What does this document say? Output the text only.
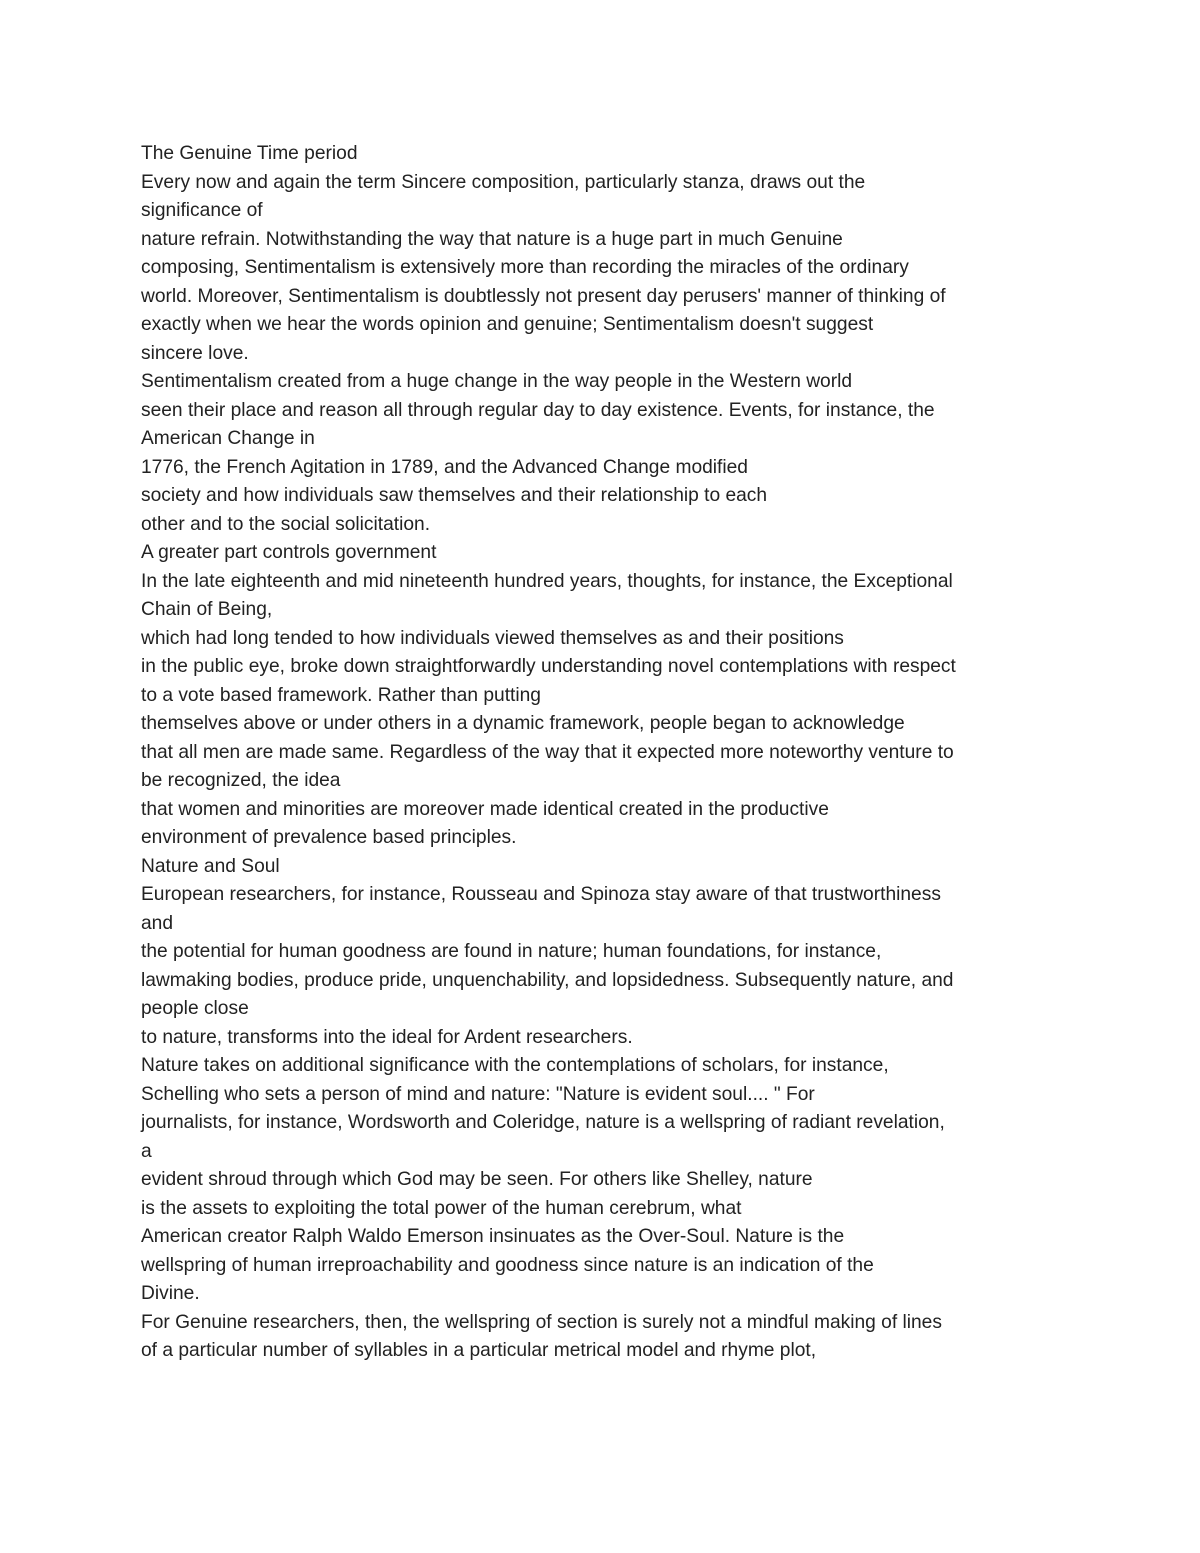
The Genuine Time period
Every now and again the term Sincere composition, particularly stanza, draws out the
significance of
nature refrain. Notwithstanding the way that nature is a huge part in much Genuine
composing, Sentimentalism is extensively more than recording the miracles of the ordinary
world. Moreover, Sentimentalism is doubtlessly not present day perusers' manner of thinking of
exactly when we hear the words opinion and genuine; Sentimentalism doesn't suggest
sincere love.
Sentimentalism created from a huge change in the way people in the Western world
seen their place and reason all through regular day to day existence. Events, for instance, the
American Change in
1776, the French Agitation in 1789, and the Advanced Change modified
society and how individuals saw themselves and their relationship to each
other and to the social solicitation.
A greater part controls government
In the late eighteenth and mid nineteenth hundred years, thoughts, for instance, the Exceptional
Chain of Being,
which had long tended to how individuals viewed themselves as and their positions
in the public eye, broke down straightforwardly understanding novel contemplations with respect
to a vote based framework. Rather than putting
themselves above or under others in a dynamic framework, people began to acknowledge
that all men are made same. Regardless of the way that it expected more noteworthy venture to
be recognized, the idea
that women and minorities are moreover made identical created in the productive
environment of prevalence based principles.
Nature and Soul
European researchers, for instance, Rousseau and Spinoza stay aware of that trustworthiness
and
the potential for human goodness are found in nature; human foundations, for instance,
lawmaking bodies, produce pride, unquenchability, and lopsidedness. Subsequently nature, and
people close
to nature, transforms into the ideal for Ardent researchers.
Nature takes on additional significance with the contemplations of scholars, for instance,
Schelling who sets a person of mind and nature: "Nature is evident soul.... " For
journalists, for instance, Wordsworth and Coleridge, nature is a wellspring of radiant revelation,
a
evident shroud through which God may be seen. For others like Shelley, nature
is the assets to exploiting the total power of the human cerebrum, what
American creator Ralph Waldo Emerson insinuates as the Over-Soul. Nature is the
wellspring of human irreproachability and goodness since nature is an indication of the
Divine.
For Genuine researchers, then, the wellspring of section is surely not a mindful making of lines
of a particular number of syllables in a particular metrical model and rhyme plot,
